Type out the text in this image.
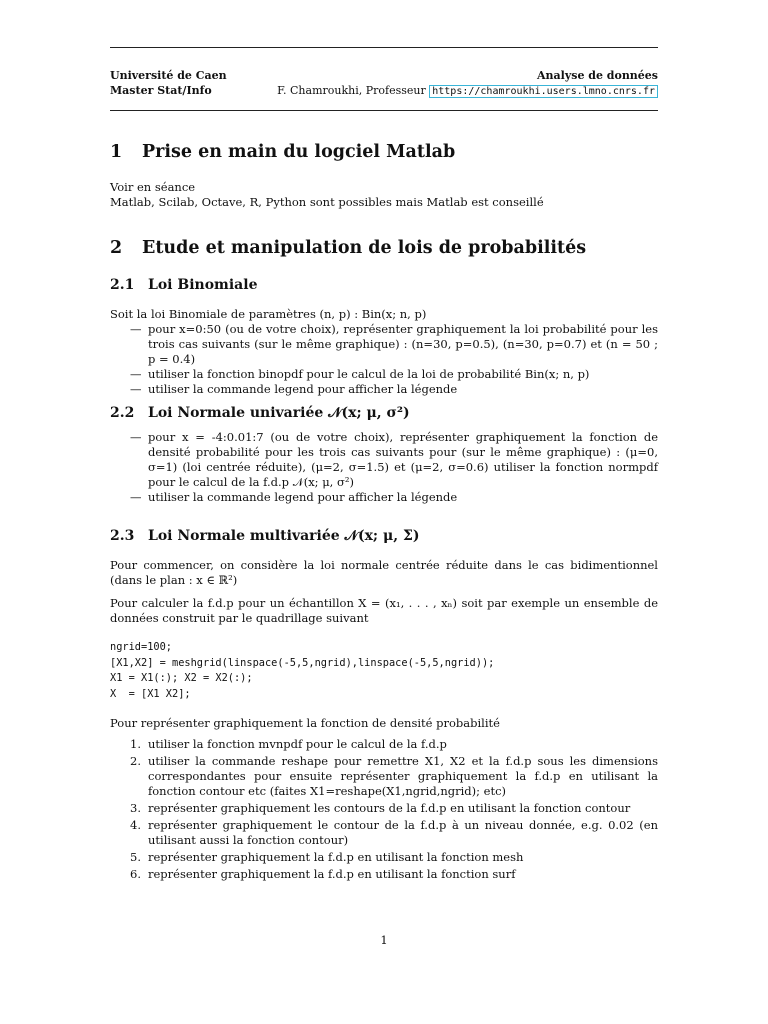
Université de Caen
Master Stat/Info
Analyse de données
F. Chamroukhi, Professeur https://chamroukhi.users.lmno.cnrs.fr
1 Prise en main du logciel Matlab
Voir en séance
Matlab, Scilab, Octave, R, Python sont possibles mais Matlab est conseillé
2 Etude et manipulation de lois de probabilités
2.1 Loi Binomiale
Soit la loi Binomiale de paramètres (n, p) : Bin(x; n, p)
— pour x=0:50 (ou de votre choix), représenter graphiquement la loi probabilité pour les trois cas suivants (sur le même graphique) : (n=30, p=0.5), (n=30, p=0.7) et (n = 50 ; p = 0.4)
— utiliser la fonction binopdf pour le calcul de la loi de probabilité Bin(x; n, p)
— utiliser la commande legend pour afficher la légende
2.2 Loi Normale univariée 𝒩(x; μ, σ²)
— pour x = -4:0.01:7 (ou de votre choix), représenter graphiquement la fonction de densité probabilité pour les trois cas suivants pour (sur le même graphique) : (μ=0, σ=1) (loi centrée réduite), (μ=2, σ=1.5) et (μ=2, σ=0.6) utiliser la fonction normpdf pour le calcul de la f.d.p 𝒩(x; μ, σ²)
— utiliser la commande legend pour afficher la légende
2.3 Loi Normale multivariée 𝒩(x; μ, Σ)
Pour commencer, on considère la loi normale centrée réduite dans le cas bidimentionnel (dans le plan : x ∈ ℝ²)
Pour calculer la f.d.p pour un échantillon X = (x₁, . . . , xₙ) soit par exemple un ensemble de données construit par le quadrillage suivant
ngrid=100;
[X1,X2] = meshgrid(linspace(-5,5,ngrid),linspace(-5,5,ngrid));
X1 = X1(:); X2 = X2(:);
X  = [X1 X2];
Pour représenter graphiquement la fonction de densité probabilité
1. utiliser la fonction mvnpdf pour le calcul de la f.d.p
2. utiliser la commande reshape pour remettre X1, X2 et la f.d.p sous les dimensions correspondantes pour ensuite représenter graphiquement la f.d.p en utilisant la fonction contour etc (faites X1=reshape(X1,ngrid,ngrid); etc)
3. représenter graphiquement les contours de la f.d.p en utilisant la fonction contour
4. représenter graphiquement le contour de la f.d.p à un niveau donnée, e.g. 0.02 (en utilisant aussi la fonction contour)
5. représenter graphiquement la f.d.p en utilisant la fonction mesh
6. représenter graphiquement la f.d.p en utilisant la fonction surf
1
